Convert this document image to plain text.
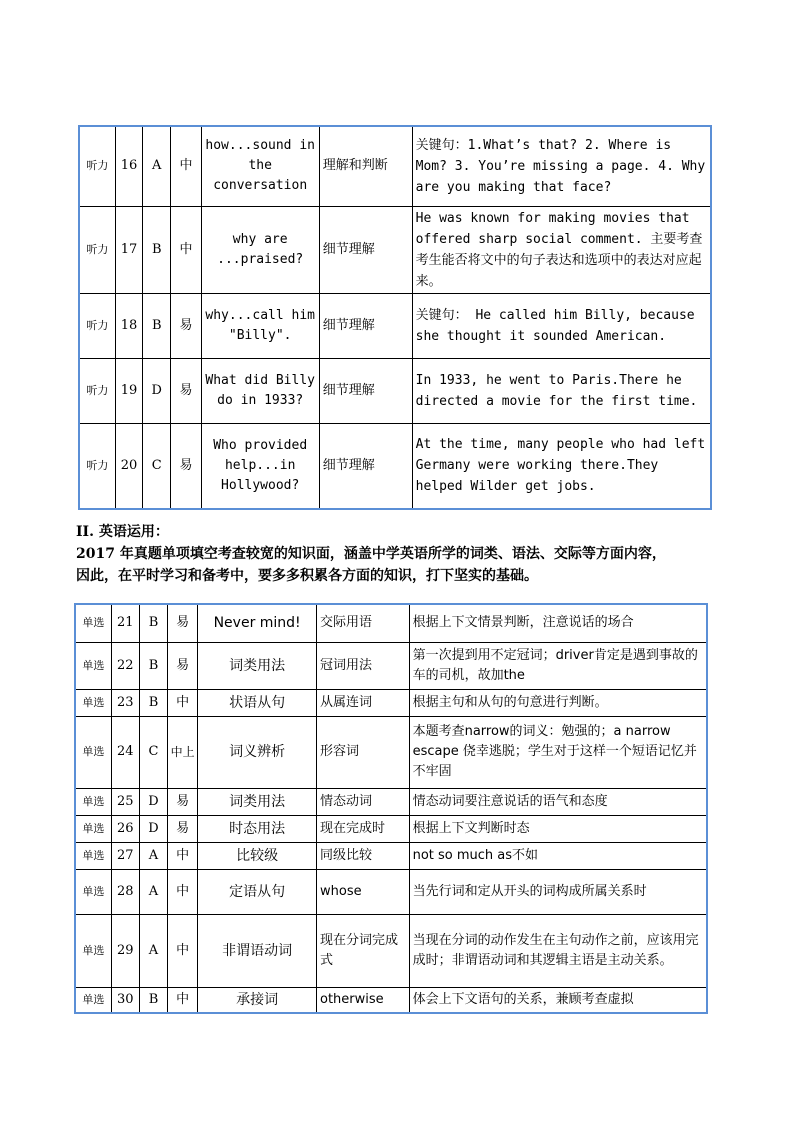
听力	16	A	中	how...sound in the conversation	理解和判断	关键句：1.What’s that? 2. Where is Mom? 3. You’re missing a page. 4. Why are you making that face?
听力	17	B	中	why are ...praised?	细节理解	He was known for making movies that offered sharp social comment. 主要考查考生能否将文中的句子表达和选项中的表达对应起来。
听力	18	B	易	why...call him "Billy".	细节理解	关键句： He called him Billy, because she thought it sounded American.
听力	19	D	易	What did Billy do in 1933?	细节理解	In 1933, he went to Paris.There he directed a movie for the first time.
听力	20	C	易	Who provided help...in Hollywood?	细节理解	At the time, many people who had left Germany were working there.They helped Wilder get jobs.
II. 英语运用：
2017 年真题单项填空考查较宽的知识面，涵盖中学英语所学的词类、语法、交际等方面内容，
因此，在平时学习和备考中，要多多积累各方面的知识，打下坚实的基础。
单选	21	B	易	Never mind!	交际用语	根据上下文情景判断，注意说话的场合
单选	22	B	易	词类用法	冠词用法	第一次提到用不定冠词；driver肯定是遇到事故的车的司机，故加the
单选	23	B	中	状语从句	从属连词	根据主句和从句的句意进行判断。
单选	24	C	中上	词义辨析	形容词	本题考查narrow的词义：勉强的；a narrow escape 侥幸逃脱；学生对于这样一个短语记忆并不牢固
单选	25	D	易	词类用法	情态动词	情态动词要注意说话的语气和态度
单选	26	D	易	时态用法	现在完成时	根据上下文判断时态
单选	27	A	中	比较级	同级比较	not so much as不如
单选	28	A	中	定语从句	whose	当先行词和定从开头的词构成所属关系时
单选	29	A	中	非谓语动词	现在分词完成式	当现在分词的动作发生在主句动作之前，应该用完成时；非谓语动词和其逻辑主语是主动关系。
单选	30	B	中	承接词	otherwise	体会上下文语句的关系，兼顾考查虚拟
